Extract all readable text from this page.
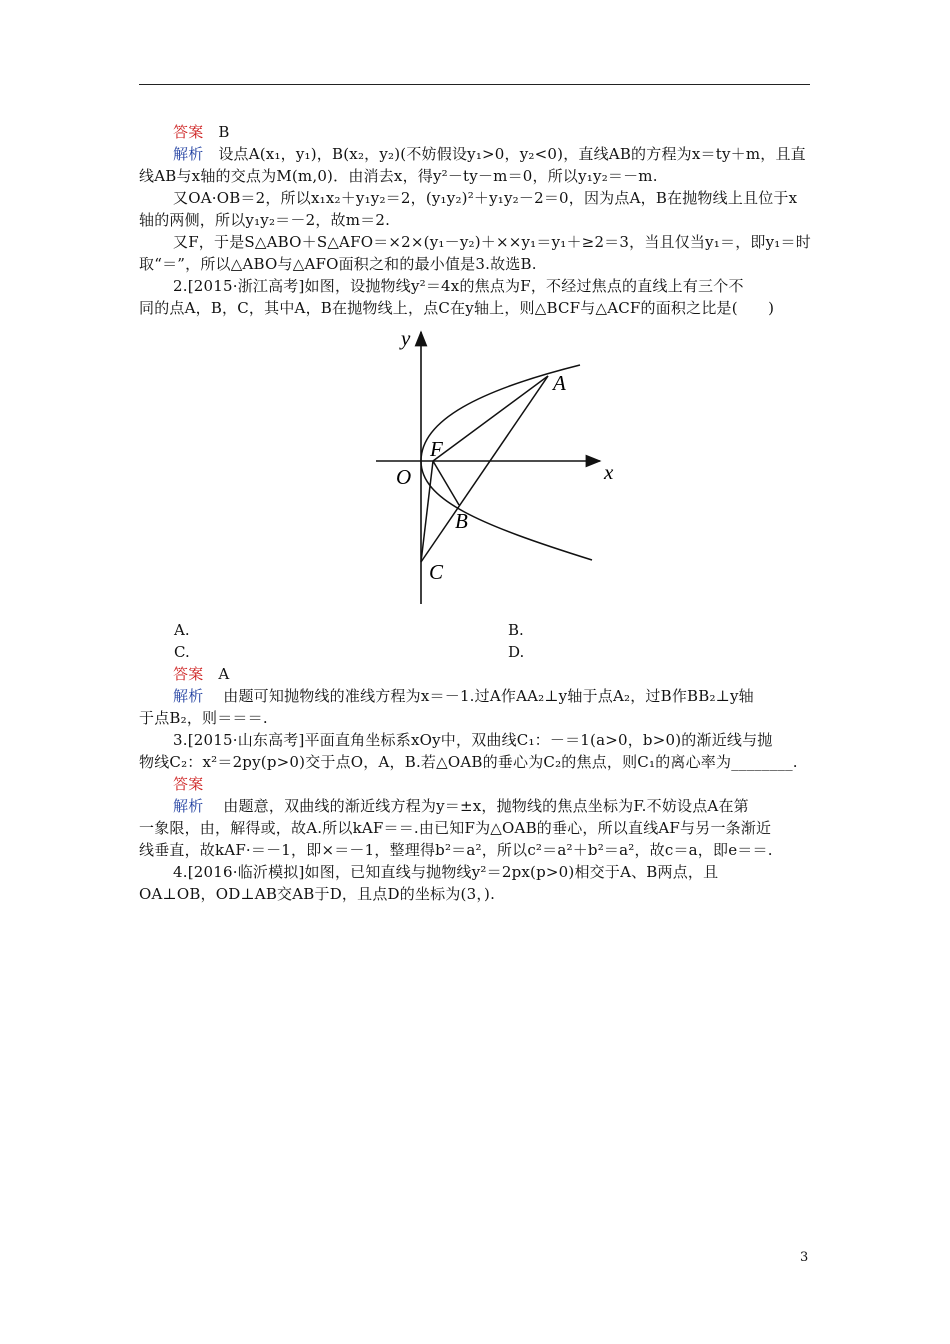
答案 B
解析 设点A(x₁，y₁)，B(x₂，y₂)(不妨假设y₁>0，y₂<0)，直线AB的方程为x＝ty＋m，且直
线AB与x轴的交点为M(m,0)．由消去x，得y²－ty－m＝0，所以y₁y₂＝－m.
又OA·OB＝2，所以x₁x₂＋y₁y₂＝2，(y₁y₂)²＋y₁y₂－2＝0，因为点A，B在抛物线上且位于x
轴的两侧，所以y₁y₂＝－2，故m＝2.
又F，于是S△ABO＋S△AFO＝×2×(y₁－y₂)＋××y₁＝y₁＋≥2＝3，当且仅当y₁＝，即y₁＝时
取“＝”，所以△ABO与△AFO面积之和的最小值是3.故选B.
2.[2015·浙江高考]如图，设抛物线y²＝4x的焦点为F，不经过焦点的直线上有三个不
同的点A，B，C，其中A，B在抛物线上，点C在y轴上，则△BCF与△ACF的面积之比是(　　)
y
x
O
F
A
B
C
A.	B.
C.	D.
答案 A
解析 由题可知抛物线的准线方程为x＝－1.过A作AA₂⊥y轴于点A₂，过B作BB₂⊥y轴
于点B₂，则＝＝＝.
3.[2015·山东高考]平面直角坐标系xOy中，双曲线C₁：－＝1(a>0，b>0)的渐近线与抛
物线C₂：x²＝2py(p>0)交于点O，A，B.若△OAB的垂心为C₂的焦点，则C₁的离心率为________.
答案
解析 由题意，双曲线的渐近线方程为y＝±x，抛物线的焦点坐标为F.不妨设点A在第
一象限，由，解得或，故A.所以kAF＝＝.由已知F为△OAB的垂心，所以直线AF与另一条渐近
线垂直，故kAF·＝－1，即×＝－1，整理得b²＝a²，所以c²＝a²＋b²＝a²，故c＝a，即e＝＝.
4.[2016·临沂模拟]如图，已知直线与抛物线y²＝2px(p>0)相交于A、B两点，且
OA⊥OB，OD⊥AB交AB于D，且点D的坐标为(3，).
3
